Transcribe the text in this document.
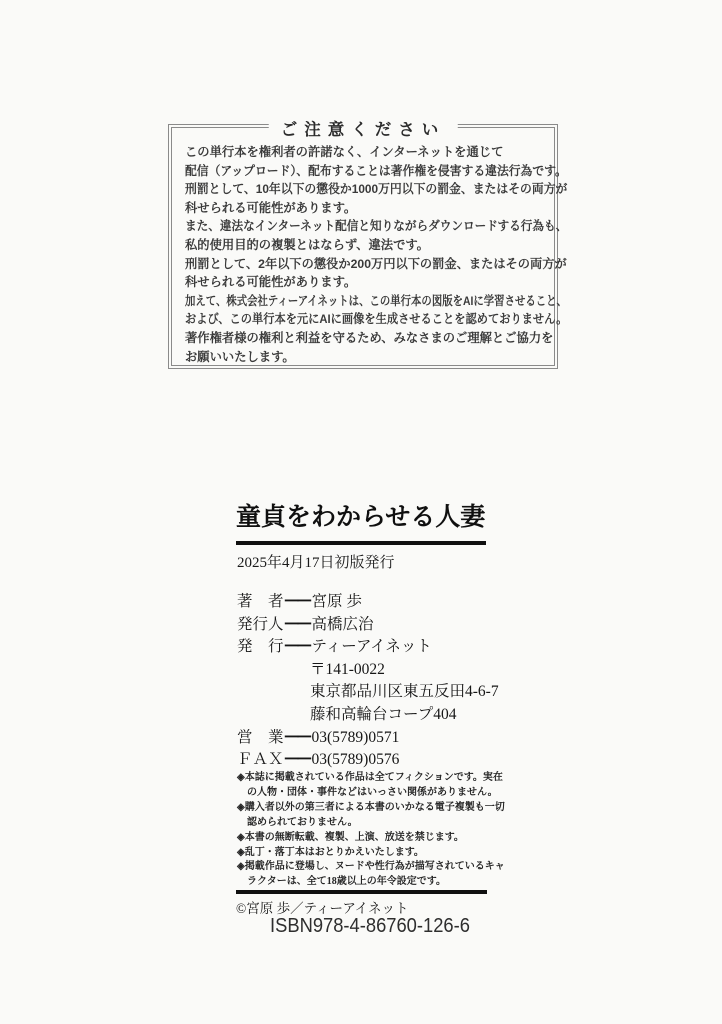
ご注意ください
この単行本を権利者の許諾なく、インターネットを通じて
配信（アップロード）、配布することは著作権を侵害する違法行為です。
刑罰として、10年以下の懲役か1000万円以下の罰金、またはその両方が
科せられる可能性があります。
また、違法なインターネット配信と知りながらダウンロードする行為も、
私的使用目的の複製とはならず、違法です。
刑罰として、2年以下の懲役か200万円以下の罰金、またはその両方が
科せられる可能性があります。
加えて、株式会社ティーアイネットは、この単行本の図版をAIに学習させること、
および、この単行本を元にAIに画像を生成させることを認めておりません。
著作権者様の権利と利益を守るため、みなさまのご理解とご協力を
お願いいたします。
童貞をわからせる人妻
2025年4月17日初版発行
著　者──宮原 歩
発行人──高橋広治
発　行──ティーアイネット
〒141-0022
東京都品川区東五反田4-6-7
藤和高輪台コープ404
営　業──03(5789)0571
ＦＡＸ──03(5789)0576
◈本誌に掲載されている作品は全てフィクションです。実在の人物・団体・事件などはいっさい関係がありません。
◈購入者以外の第三者による本書のいかなる電子複製も一切認められておりません。
◈本書の無断転載、複製、上演、放送を禁じます。
◈乱丁・落丁本はおとりかえいたします。
◈掲載作品に登場し、ヌードや性行為が描写されているキャラクターは、全て18歳以上の年令設定です。
©宮原 歩／ティーアイネット
ISBN978-4-86760-126-6
